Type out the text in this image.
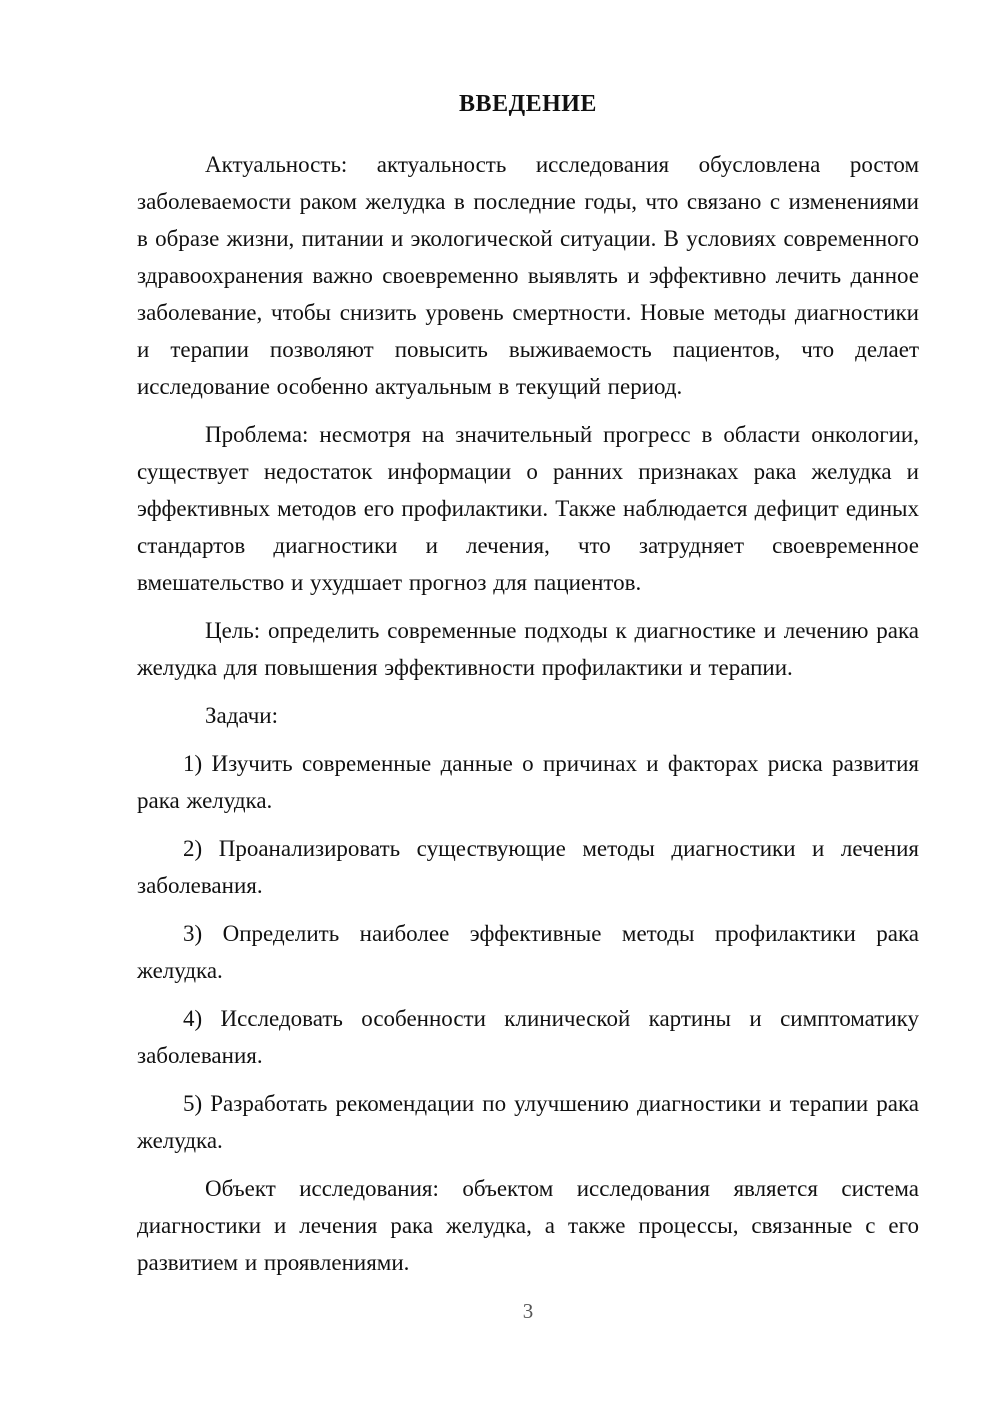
ВВЕДЕНИЕ

Актуальность: актуальность исследования обусловлена ростом заболеваемости раком желудка в последние годы, что связано с изменениями в образе жизни, питании и экологической ситуации. В условиях современного здравоохранения важно своевременно выявлять и эффективно лечить данное заболевание, чтобы снизить уровень смертности. Новые методы диагностики и терапии позволяют повысить выживаемость пациентов, что делает исследование особенно актуальным в текущий период.

Проблема: несмотря на значительный прогресс в области онкологии, существует недостаток информации о ранних признаках рака желудка и эффективных методов его профилактики. Также наблюдается дефицит единых стандартов диагностики и лечения, что затрудняет своевременное вмешательство и ухудшает прогноз для пациентов.

Цель: определить современные подходы к диагностике и лечению рака желудка для повышения эффективности профилактики и терапии.

Задачи:

1) Изучить современные данные о причинах и факторах риска развития рака желудка.

2) Проанализировать существующие методы диагностики и лечения заболевания.

3) Определить наиболее эффективные методы профилактики рака желудка.

4) Исследовать особенности клинической картины и симптоматику заболевания.

5) Разработать рекомендации по улучшению диагностики и терапии рака желудка.

Объект исследования: объектом исследования является система диагностики и лечения рака желудка, а также процессы, связанные с его развитием и проявлениями.

3
